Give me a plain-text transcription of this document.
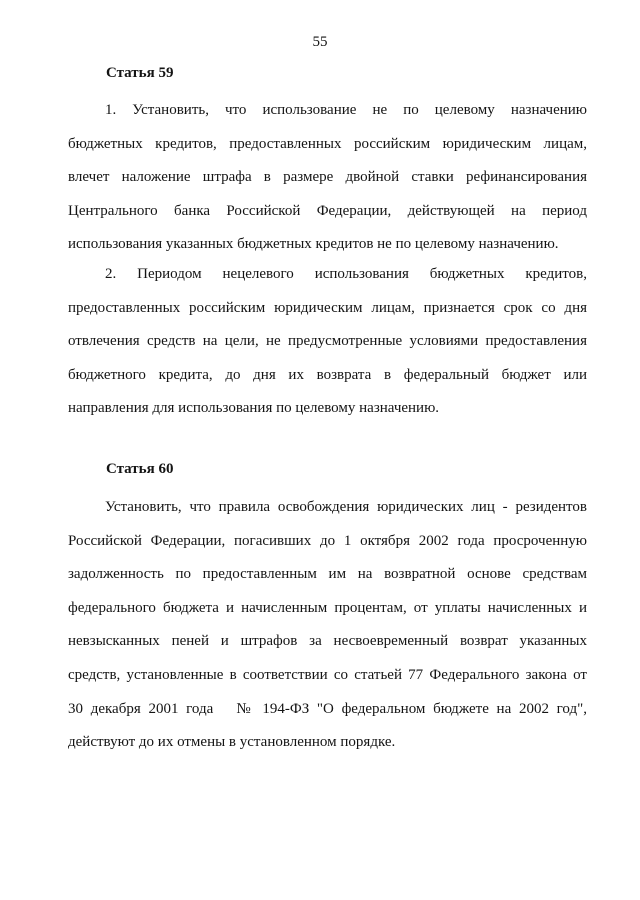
55
Статья 59
1. Установить, что использование не по целевому назначению
бюджетных кредитов, предоставленных российским юридическим лицам,
влечет наложение штрафа в размере двойной ставки рефинансирования
Центрального банка Российской Федерации, действующей на период
использования указанных бюджетных кредитов не по целевому назначению.
2. Периодом нецелевого использования бюджетных кредитов,
предоставленных российским юридическим лицам, признается срок со дня
отвлечения средств на цели, не предусмотренные условиями предоставления
бюджетного кредита, до дня их возврата в федеральный бюджет или
направления для использования по целевому назначению.
Статья 60
Установить, что правила освобождения юридических лиц - резидентов
Российской Федерации, погасивших до 1 октября 2002 года просроченную
задолженность по предоставленным им на возвратной основе средствам
федерального бюджета и начисленным процентам, от уплаты начисленных и
невзысканных пеней и штрафов за несвоевременный возврат указанных
средств, установленные в соответствии со статьей 77 Федерального закона от
30 декабря 2001 года   № 194-ФЗ "О федеральном бюджете на 2002 год",
действуют до их отмены в установленном порядке.
